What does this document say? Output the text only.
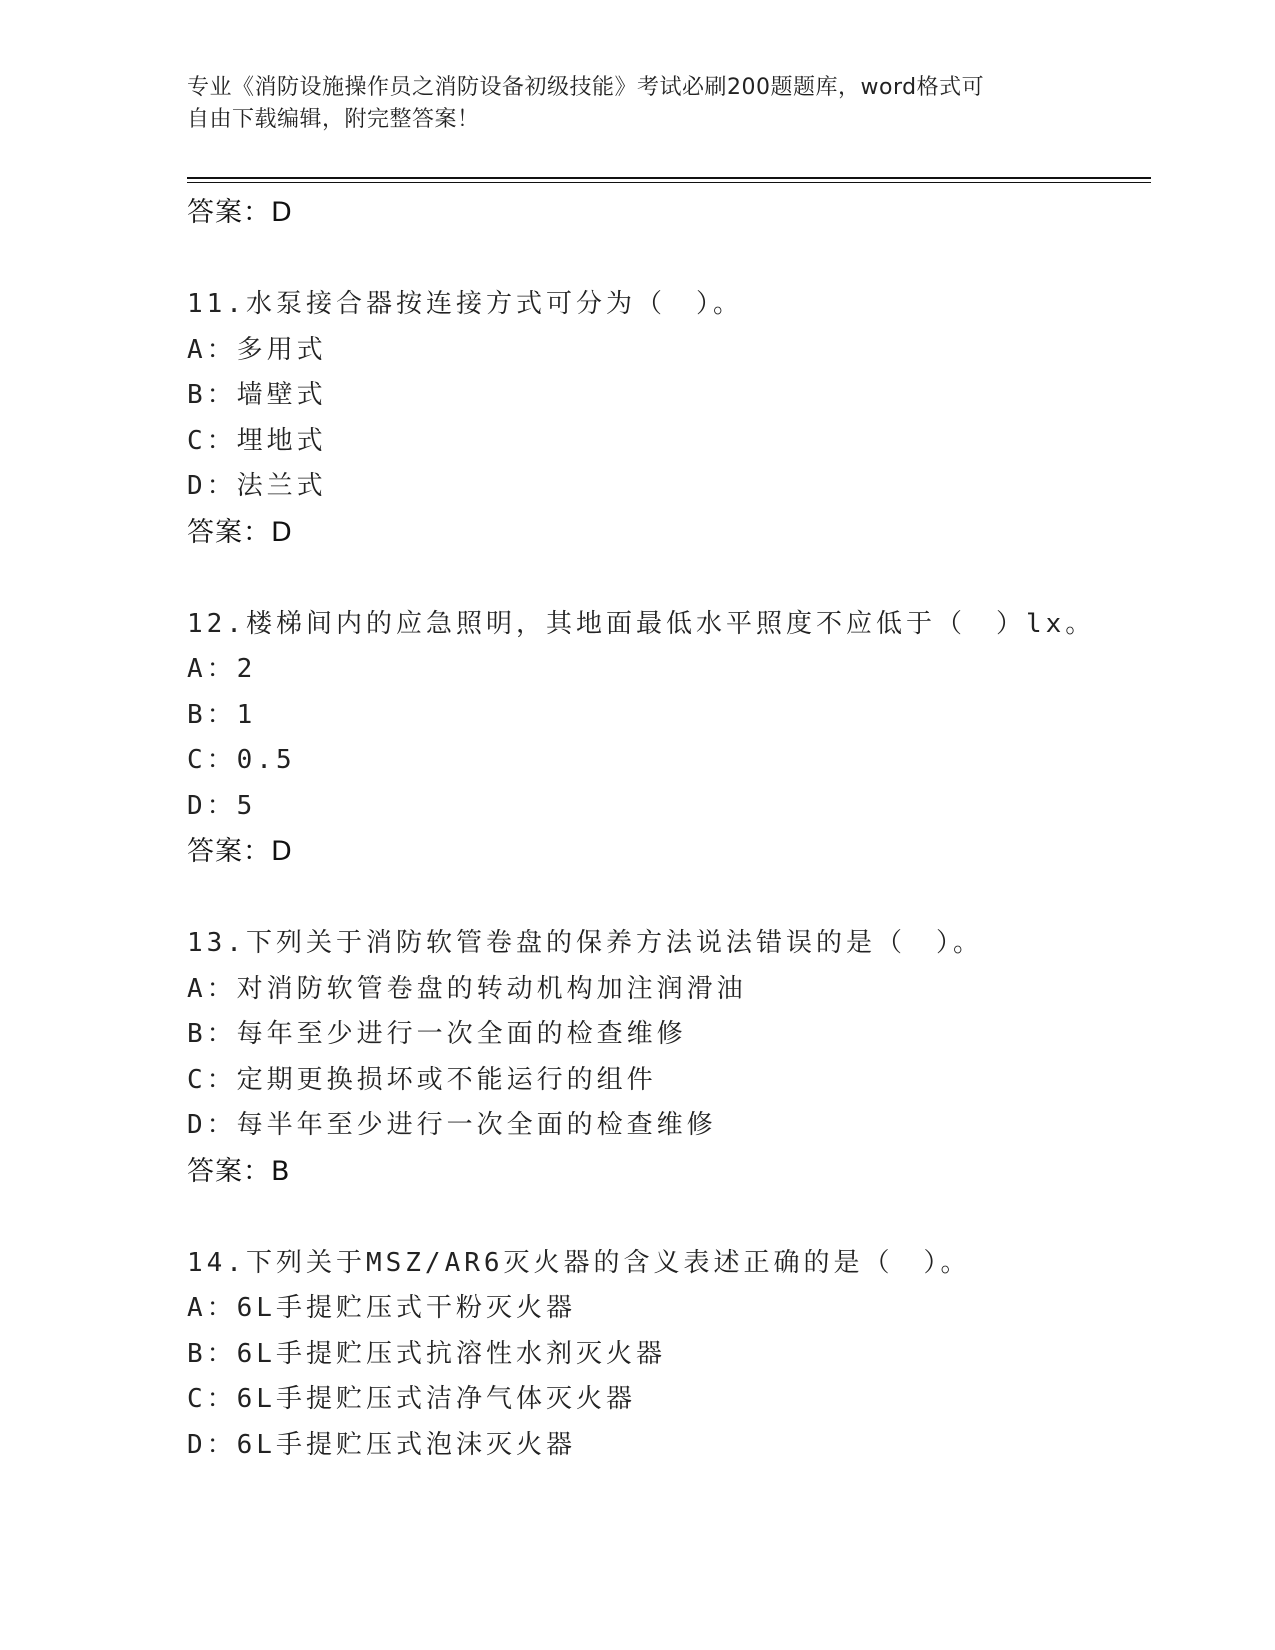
专业《消防设施操作员之消防设备初级技能》考试必刷200题题库，word格式可
自由下载编辑，附完整答案！
答案：D
11.水泵接合器按连接方式可分为（　）。
A：多用式
B：墙壁式
C：埋地式
D：法兰式
答案：D
12.楼梯间内的应急照明，其地面最低水平照度不应低于（　）lx。
A：2
B：1
C：0.5
D：5
答案：D
13.下列关于消防软管卷盘的保养方法说法错误的是（　）。
A：对消防软管卷盘的转动机构加注润滑油
B：每年至少进行一次全面的检查维修
C：定期更换损坏或不能运行的组件
D：每半年至少进行一次全面的检查维修
答案：B
14.下列关于MSZ/AR6灭火器的含义表述正确的是（　）。
A：6L手提贮压式干粉灭火器
B：6L手提贮压式抗溶性水剂灭火器
C：6L手提贮压式洁净气体灭火器
D：6L手提贮压式泡沫灭火器
